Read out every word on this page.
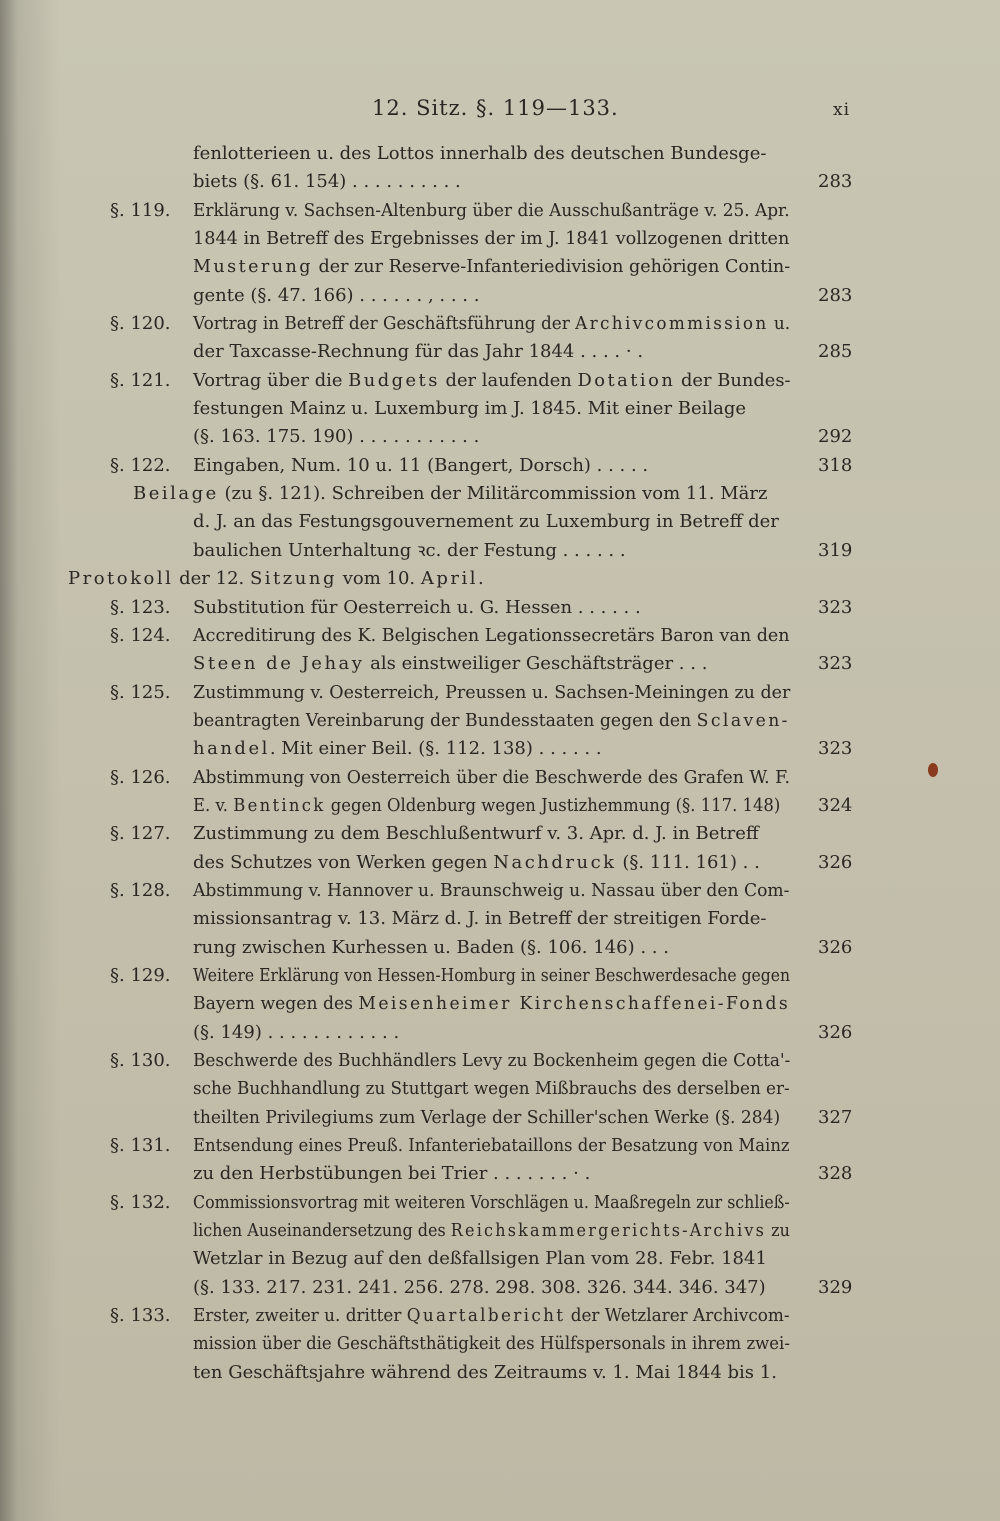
12. Sitz. §. 119—133.	xi
fenlotterieen u. des Lottos innerhalb des deutschen Bundesge-
biets (§. 61. 154) . . . . . . . . . .	283
§. 119. Erklärung v. Sachsen-Altenburg über die Ausschußanträge v. 25. Apr.
1844 in Betreff des Ergebnisses der im J. 1841 vollzogenen dritten
Musterung der zur Reserve-Infanteriedivision gehörigen Contin-
gente (§. 47. 166) . . . . . . , . . . .	283
§. 120. Vortrag in Betreff der Geschäftsführung der Archivcommission u.
der Taxcasse-Rechnung für das Jahr 1844 . . . . · .	285
§. 121. Vortrag über die Budgets der laufenden Dotation der Bundes-
festungen Mainz u. Luxemburg im J. 1845. Mit einer Beilage
(§. 163. 175. 190) . . . . . . . . . . .	292
§. 122. Eingaben, Num. 10 u. 11 (Bangert, Dorsch) . . . . .	318
Beilage (zu §. 121). Schreiben der Militärcommission vom 11. März
d. J. an das Festungsgouvernement zu Luxemburg in Betreff der
baulichen Unterhaltung ꝛc. der Festung . . . . . .	319
Protokoll der 12. Sitzung vom 10. April.
§. 123. Substitution für Oesterreich u. G. Hessen . . . . . .	323
§. 124. Accreditirung des K. Belgischen Legationssecretärs Baron van den
Steen de Jehay als einstweiliger Geschäftsträger . . .	323
§. 125. Zustimmung v. Oesterreich, Preussen u. Sachsen-Meiningen zu der
beantragten Vereinbarung der Bundesstaaten gegen den Sclaven-
handel. Mit einer Beil. (§. 112. 138) . . . . . .	323
§. 126. Abstimmung von Oesterreich über die Beschwerde des Grafen W. F.
E. v. Bentinck gegen Oldenburg wegen Justizhemmung (§. 117. 148) 324
§. 127. Zustimmung zu dem Beschlußentwurf v. 3. Apr. d. J. in Betreff
des Schutzes von Werken gegen Nachdruck (§. 111. 161) . .	326
§. 128. Abstimmung v. Hannover u. Braunschweig u. Nassau über den Com-
missionsantrag v. 13. März d. J. in Betreff der streitigen Forde-
rung zwischen Kurhessen u. Baden (§. 106. 146) . . .	326
§. 129. Weitere Erklärung von Hessen-Homburg in seiner Beschwerdesache gegen
Bayern wegen des Meisenheimer Kirchenschaffenei-Fonds
(§. 149) . . . . . . . . . . . .	326
§. 130. Beschwerde des Buchhändlers Levy zu Bockenheim gegen die Cotta'-
sche Buchhandlung zu Stuttgart wegen Mißbrauchs des derselben er-
theilten Privilegiums zum Verlage der Schiller'schen Werke (§. 284) 327
§. 131. Entsendung eines Preuß. Infanteriebataillons der Besatzung von Mainz
zu den Herbstübungen bei Trier . . . . . . . · .	328
§. 132. Commissionsvortrag mit weiteren Vorschlägen u. Maaßregeln zur schließ-
lichen Auseinandersetzung des Reichskammergerichts-Archivs zu
Wetzlar in Bezug auf den deßfallsigen Plan vom 28. Febr. 1841
(§. 133. 217. 231. 241. 256. 278. 298. 308. 326. 344. 346. 347)	329
§. 133. Erster, zweiter u. dritter Quartalbericht der Wetzlarer Archivcom-
mission über die Geschäftsthätigkeit des Hülfspersonals in ihrem zwei-
ten Geschäftsjahre während des Zeitraums v. 1. Mai 1844 bis 1.
